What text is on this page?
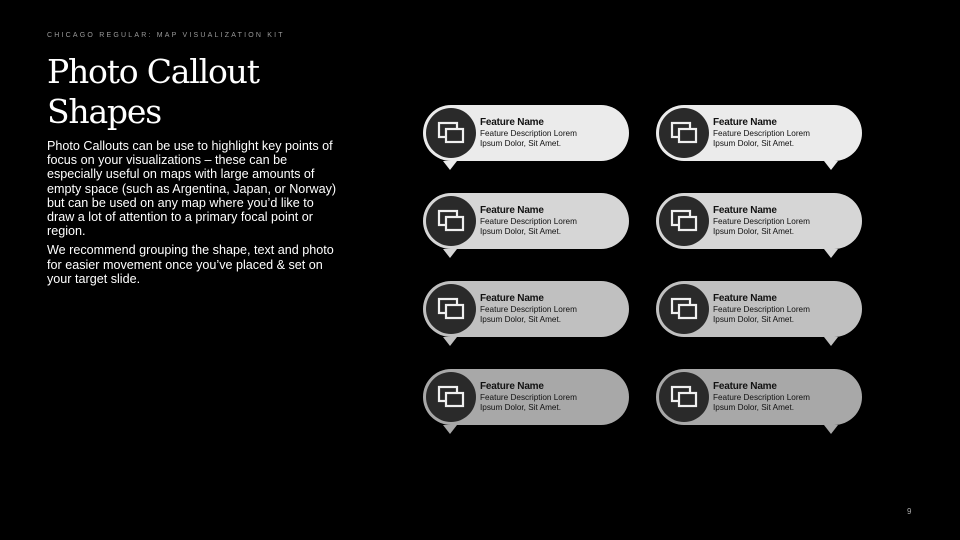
CHICAGO REGULAR: MAP VISUALIZATION KIT
Photo Callout
Shapes

Photo Callouts can be use to highlight key points of focus on your visualizations – these can be especially useful on maps with large amounts of empty space (such as Argentina, Japan, or Norway) but can be used on any map where you’d like to draw a lot of attention to a primary focal point or region.

We recommend grouping the shape, text and photo for easier movement once you’ve placed & set on your target slide.

Feature Name
Feature Description Lorem Ipsum Dolor, Sit Amet.
Feature Name
Feature Description Lorem Ipsum Dolor, Sit Amet.
Feature Name
Feature Description Lorem Ipsum Dolor, Sit Amet.
Feature Name
Feature Description Lorem Ipsum Dolor, Sit Amet.
Feature Name
Feature Description Lorem Ipsum Dolor, Sit Amet.
Feature Name
Feature Description Lorem Ipsum Dolor, Sit Amet.
Feature Name
Feature Description Lorem Ipsum Dolor, Sit Amet.
Feature Name
Feature Description Lorem Ipsum Dolor, Sit Amet.
9
